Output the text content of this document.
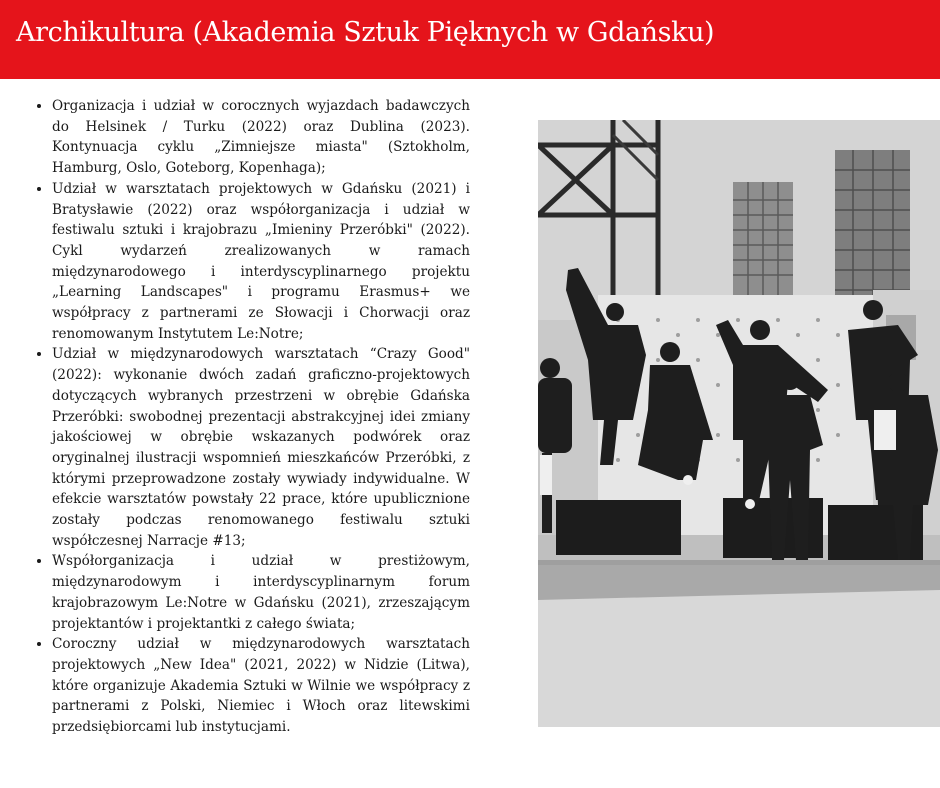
Archikultura (Akademia Sztuk Pięknych w Gdańsku)
• Organizacja i udział w corocznych wyjazdach badawczych do Helsinek / Turku (2022) oraz Dublina (2023). Kontynuacja cyklu „Zimniejsze miasta" (Sztokholm, Hamburg, Oslo, Goteborg, Kopenhaga);
• Udział w warsztatach projektowych w Gdańsku (2021) i Bratysławie (2022) oraz współorganizacja i udział w festiwalu sztuki i krajobrazu „Imieniny Przeróbki" (2022). Cykl wydarzeń zrealizowanych w ramach międzynarodowego i interdyscyplinarnego projektu „Learning Landscapes" i programu Erasmus+ we współpracy z partnerami ze Słowacji i Chorwacji oraz renomowanym Instytutem Le:Notre;
• Udział w międzynarodowych warsztatach “Crazy Good" (2022): wykonanie dwóch zadań graficzno-projektowych dotyczących wybranych przestrzeni w obrębie Gdańska Przeróbki: swobodnej prezentacji abstrakcyjnej idei zmiany jakościowej w obrębie wskazanych podwórek oraz oryginalnej ilustracji wspomnień mieszkańców Przeróbki, z którymi przeprowadzone zostały wywiady indywidualne. W efekcie warsztatów powstały 22 prace, które upublicznione zostały podczas renomowanego festiwalu sztuki współczesnej Narracje #13;
• Współorganizacja i udział w prestiżowym, międzynarodowym i interdyscyplinarnym forum krajobrazowym Le:Notre w Gdańsku (2021), zrzeszającym projektantów i projektantki z całego świata;
• Coroczny udział w międzynarodowych warsztatach projektowych „New Idea" (2021, 2022) w Nidzie (Litwa), które organizuje Akademia Sztuki w Wilnie we współpracy z partnerami z Polski, Niemiec i Włoch oraz litewskimi przedsiębiorcami lub instytucjami.
